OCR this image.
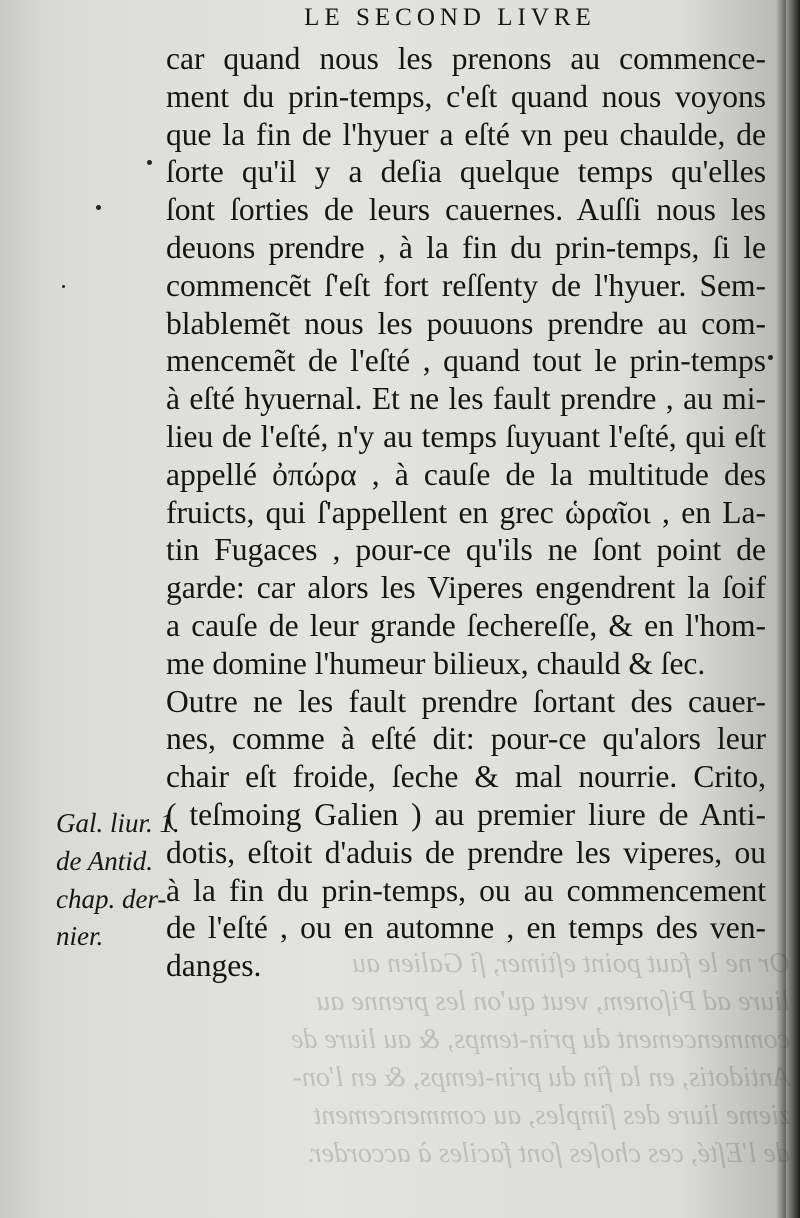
LE SECOND LIVRE
car quand nous les prenons au commence-
ment du prin-temps, c'eſt quand nous voyons
que la fin de l'hyuer a eſté vn peu chaulde, de
ſorte qu'il y a deſia quelque temps qu'elles
ſont ſorties de leurs cauernes. Auſſi nous les
deuons prendre , à la fin du prin-temps, ſi le
commencẽt ſ'eſt fort reſſenty de l'hyuer. Sem-
blablemẽt nous les pouuons prendre au com-
mencemẽt de l'eſté , quand tout le prin-temps
à eſté hyuernal. Et ne les fault prendre , au mi-
lieu de l'eſté, n'y au temps ſuyuant l'eſté, qui eſt
appellé ὀπώρα , à cauſe de la multitude des
fruicts, qui ſ'appellent en grec ὡραῖοι , en La-
tin Fugaces , pour-ce qu'ils ne ſont point de
garde: car alors les Viperes engendrent la ſoif
a cauſe de leur grande ſechereſſe, & en l'hom-
me domine l'humeur bilieux, chauld & ſec.
Outre ne les fault prendre ſortant des cauer-
nes, comme à eſté dit: pour-ce qu'alors leur
chair eſt froide, ſeche & mal nourrie. Crito,
( teſmoing Galien ) au premier liure de Anti-
dotis, eſtoit d'aduis de prendre les viperes, ou
à la fin du prin-temps, ou au commencement
de l'eſté , ou en automne , en temps des ven-
danges.
Gal. liur. 1.
de Antid.
chap. der-
nier.
Or ne le faut point eſtimer, ſi Galien au
liure ad Piſonem, veut qu'on les prenne au
commencement du prin-temps, & au liure de
Antidotis, en la fin du prin-temps, & en l'on-
zieme liure des ſimples, au commencement
de l'Eſté, ces choſes ſont faciles à accorder.
